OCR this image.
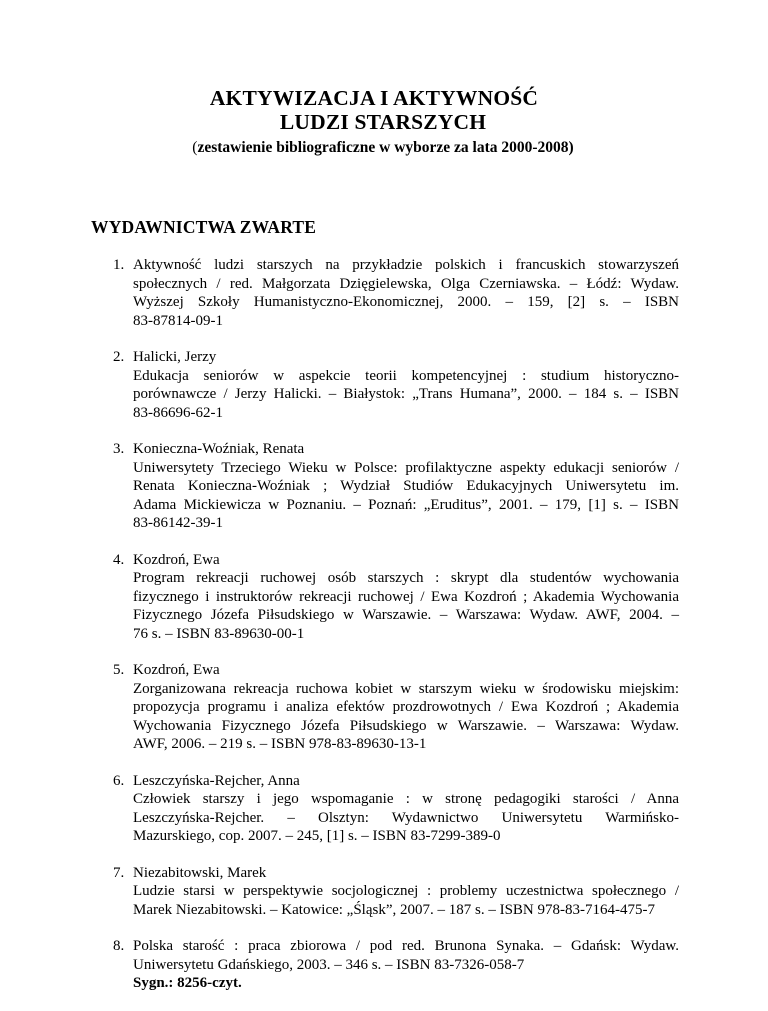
AKTYWIZACJA I AKTYWNOŚĆ
LUDZI STARSZYCH
(zestawienie bibliograficzne w wyborze za lata 2000-2008)
WYDAWNICTWA ZWARTE
1. Aktywność ludzi starszych na przykładzie polskich i francuskich stowarzyszeń
społecznych / red. Małgorzata Dzięgielewska, Olga Czerniawska. – Łódź: Wydaw.
Wyższej Szkoły Humanistyczno-Ekonomicznej, 2000. – 159, [2] s. – ISBN
83-87814-09-1
2. Halicki, Jerzy
Edukacja seniorów w aspekcie teorii kompetencyjnej : studium historyczno-
porównawcze / Jerzy Halicki. – Białystok: „Trans Humana”, 2000. – 184 s. – ISBN
83-86696-62-1
3. Konieczna-Woźniak, Renata
Uniwersytety Trzeciego Wieku w Polsce: profilaktyczne aspekty edukacji seniorów /
Renata Konieczna-Woźniak ; Wydział Studiów Edukacyjnych Uniwersytetu im.
Adama Mickiewicza w Poznaniu. – Poznań: „Eruditus”, 2001. – 179, [1] s. – ISBN
83-86142-39-1
4. Kozdroń, Ewa
Program rekreacji ruchowej osób starszych : skrypt dla studentów wychowania
fizycznego i instruktorów rekreacji ruchowej / Ewa Kozdroń ; Akademia Wychowania
Fizycznego Józefa Piłsudskiego w Warszawie. – Warszawa: Wydaw. AWF, 2004. –
76 s. – ISBN 83-89630-00-1
5. Kozdroń, Ewa
Zorganizowana rekreacja ruchowa kobiet w starszym wieku w środowisku miejskim:
propozycja programu i analiza efektów prozdrowotnych / Ewa Kozdroń ; Akademia
Wychowania Fizycznego Józefa Piłsudskiego w Warszawie. – Warszawa: Wydaw.
AWF, 2006. – 219 s. – ISBN 978-83-89630-13-1
6. Leszczyńska-Rejcher, Anna
Człowiek starszy i jego wspomaganie : w stronę pedagogiki starości / Anna
Leszczyńska-Rejcher. – Olsztyn: Wydawnictwo Uniwersytetu Warmińsko-
Mazurskiego, cop. 2007. – 245, [1] s. – ISBN 83-7299-389-0
7. Niezabitowski, Marek
Ludzie starsi w perspektywie socjologicznej : problemy uczestnictwa społecznego /
Marek Niezabitowski. – Katowice: „Śląsk”, 2007. – 187 s. – ISBN 978-83-7164-475-7
8. Polska starość : praca zbiorowa / pod red. Brunona Synaka. – Gdańsk: Wydaw.
Uniwersytetu Gdańskiego, 2003. – 346 s. – ISBN 83-7326-058-7
Sygn.: 8256-czyt.
